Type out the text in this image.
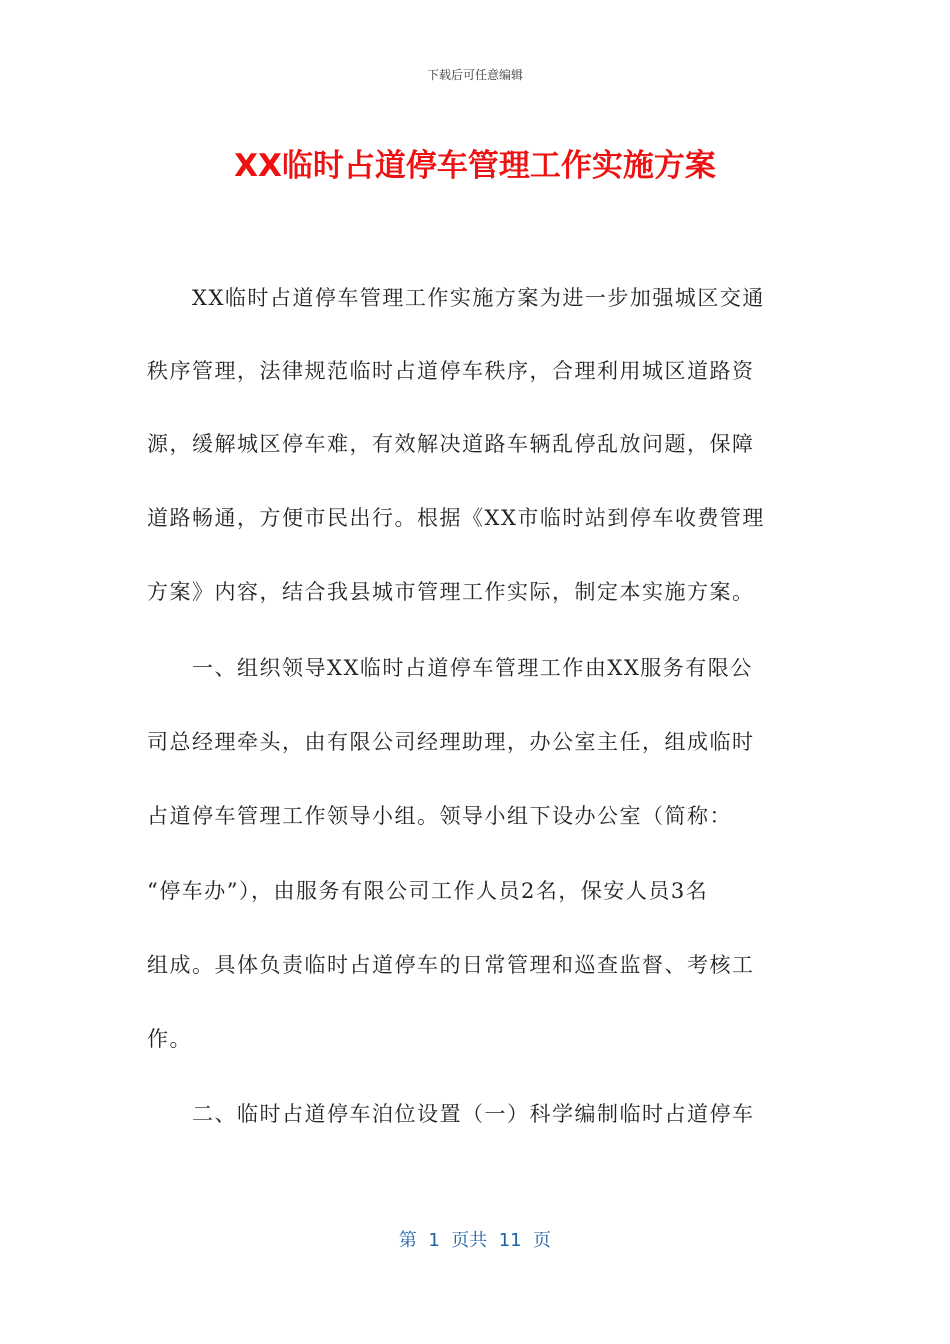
下载后可任意编辑
XX临时占道停车管理工作实施方案
　　XX临时占道停车管理工作实施方案为进一步加强城区交通
秩序管理，法律规范临时占道停车秩序，合理利用城区道路资
源，缓解城区停车难，有效解决道路车辆乱停乱放问题，保障
道路畅通，方便市民出行。根据《XX市临时站到停车收费管理
方案》内容，结合我县城市管理工作实际，制定本实施方案。
　　一、组织领导XX临时占道停车管理工作由XX服务有限公
司总经理牵头，由有限公司经理助理，办公室主任，组成临时
占道停车管理工作领导小组。领导小组下设办公室（简称：
“停车办”），由服务有限公司工作人员2名，保安人员3名
组成。具体负责临时占道停车的日常管理和巡查监督、考核工
作。
　　二、临时占道停车泊位设置（一）科学编制临时占道停车
第  1  页共  11  页
